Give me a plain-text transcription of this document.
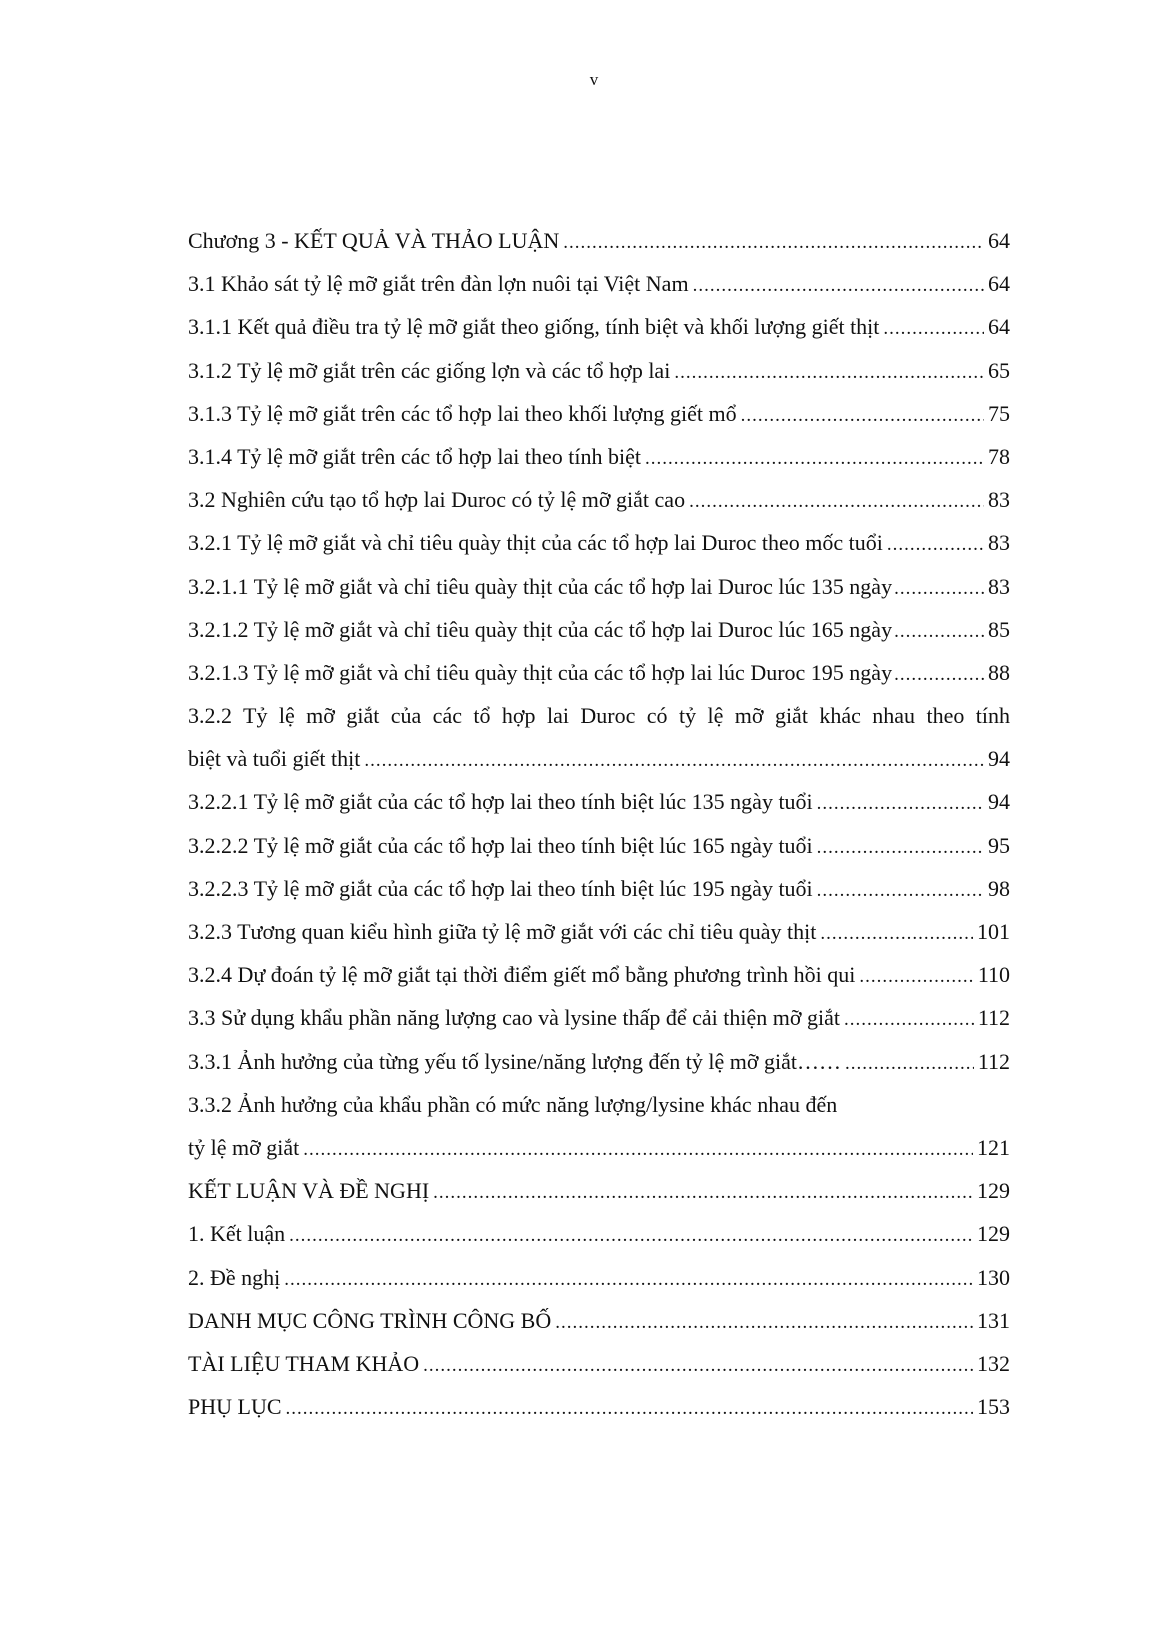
v
Chương 3 - KẾT QUẢ VÀ THẢO LUẬN .....	64
3.1 Khảo sát tỷ lệ mỡ giắt trên đàn lợn nuôi tại Việt Nam .....	64
3.1.1 Kết quả điều tra tỷ lệ mỡ giắt theo giống, tính biệt và khối lượng giết thịt .....	64
3.1.2 Tỷ lệ mỡ giắt trên các giống lợn và các tổ hợp lai .....	65
3.1.3 Tỷ lệ mỡ giắt trên các tổ hợp lai theo khối lượng giết mổ .....	75
3.1.4 Tỷ lệ mỡ giắt trên các tổ hợp lai theo tính biệt .....	78
3.2 Nghiên cứu tạo tổ hợp lai Duroc có tỷ lệ mỡ giắt cao .....	83
3.2.1 Tỷ lệ mỡ giắt và chỉ tiêu quày thịt của các tổ hợp lai Duroc theo mốc tuổi .....	83
3.2.1.1 Tỷ lệ mỡ giắt và chỉ tiêu quày thịt của các tổ hợp lai Duroc lúc 135 ngày .....	83
3.2.1.2 Tỷ lệ mỡ giắt và chỉ tiêu quày thịt của các tổ hợp lai Duroc lúc 165 ngày .....	85
3.2.1.3 Tỷ lệ mỡ giắt và chỉ tiêu quày thịt của các tổ hợp lai lúc Duroc 195 ngày .....	88
3.2.2 Tỷ lệ mỡ giắt của các tổ hợp lai Duroc có tỷ lệ mỡ giắt khác nhau theo tính
biệt và tuổi giết thịt .....	94
3.2.2.1 Tỷ lệ mỡ giắt của các tổ hợp lai theo tính biệt lúc 135 ngày tuổi .....	94
3.2.2.2 Tỷ lệ mỡ giắt của các tổ hợp lai theo tính biệt lúc 165 ngày tuổi .....	95
3.2.2.3 Tỷ lệ mỡ giắt của các tổ hợp lai theo tính biệt lúc 195 ngày tuổi .....	98
3.2.3 Tương quan kiểu hình giữa tỷ lệ mỡ giắt với các chỉ tiêu quày thịt .....	101
3.2.4 Dự đoán tỷ lệ mỡ giắt tại thời điểm giết mổ bằng phương trình hồi qui .....	110
3.3 Sử dụng khẩu phần năng lượng cao và lysine thấp để cải thiện mỡ giắt .....	112
3.3.1 Ảnh hưởng của từng yếu tố lysine/năng lượng đến tỷ lệ mỡ giắt…… .....	112
3.3.2 Ảnh hưởng của khẩu phần có mức năng lượng/lysine khác nhau đến
tỷ lệ mỡ giắt .....	121
KẾT LUẬN VÀ ĐỀ NGHỊ .....	129
1. Kết luận .....	129
2. Đề nghị .....	130
DANH MỤC CÔNG TRÌNH CÔNG BỐ .....	131
TÀI LIỆU THAM KHẢO .....	132
PHỤ LỤC .....	153
